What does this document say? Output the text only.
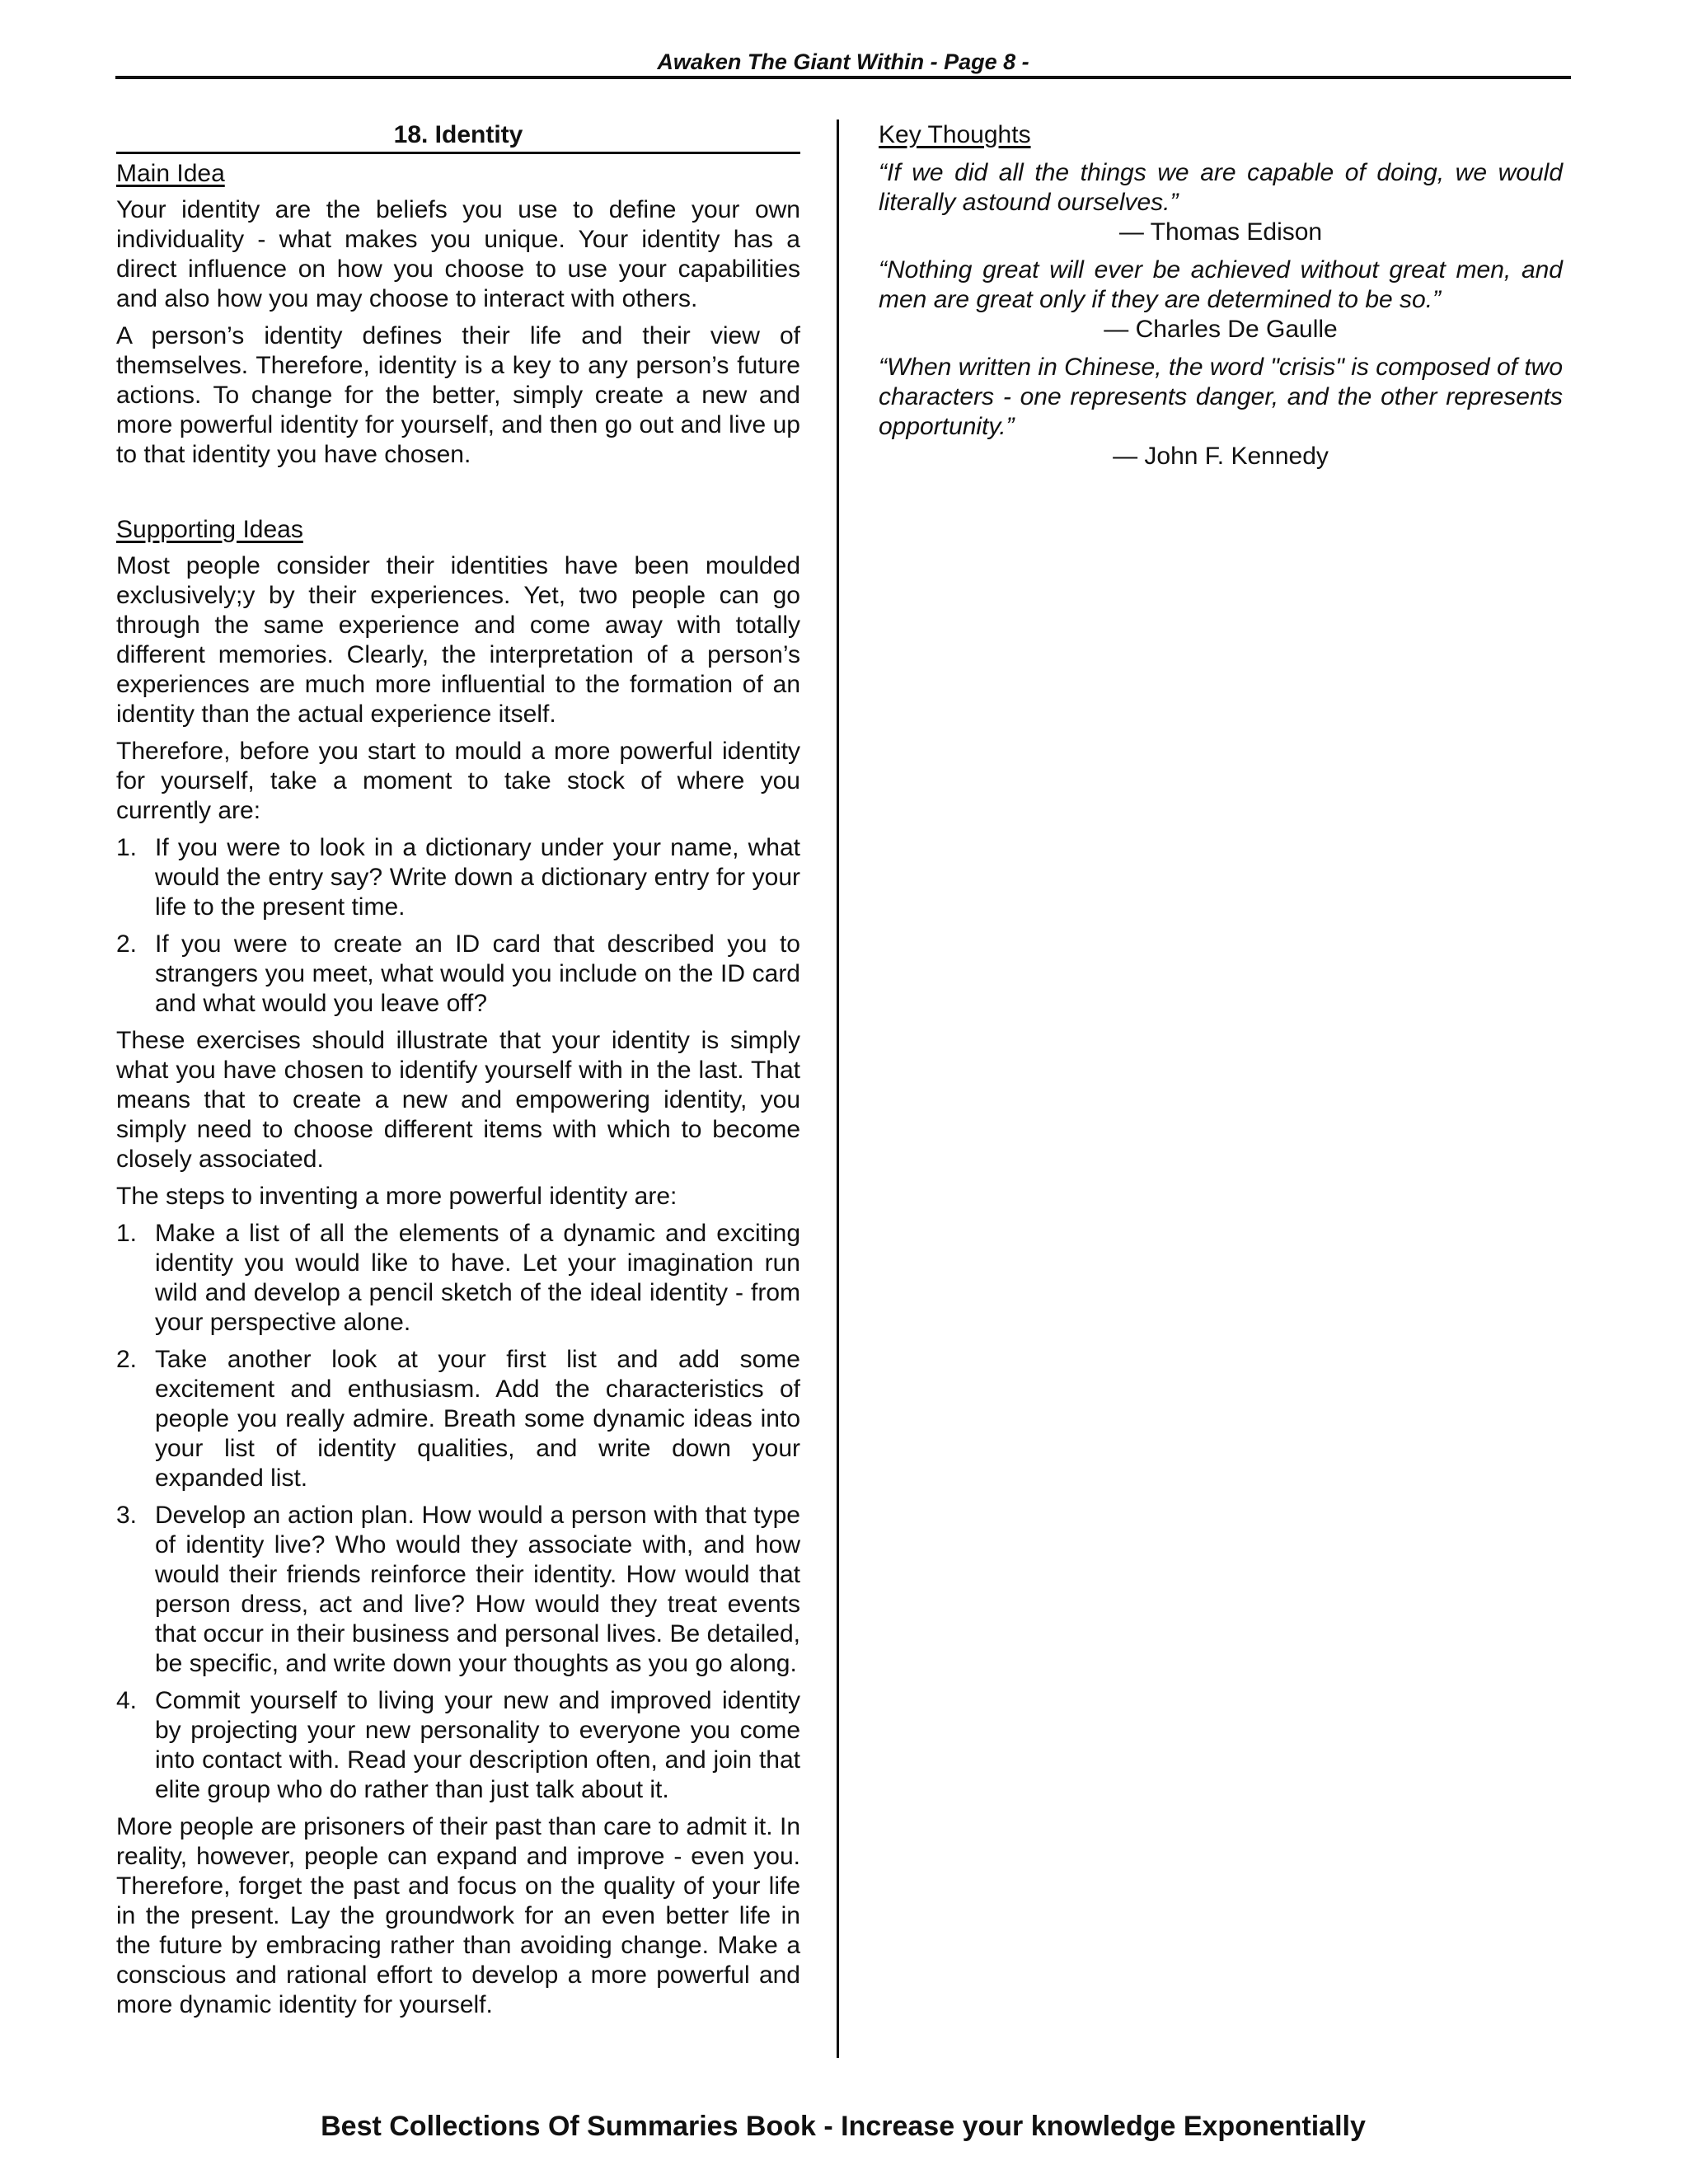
Awaken The Giant Within - Page 8 -
18. Identity
Main Idea

Your identity are the beliefs you use to define your own individuality - what makes you unique. Your identity has a direct influence on how you choose to use your capabilities and also how you may choose to interact with others.

A person’s identity defines their life and their view of themselves. Therefore, identity is a key to any person’s future actions. To change for the better, simply create a new and more powerful identity for yourself, and then go out and live up to that identity you have chosen.

Supporting Ideas

Most people consider their identities have been moulded exclusively;y by their experiences. Yet, two people can go through the same experience and come away with totally different memories. Clearly, the interpretation of a person’s experiences are much more influential to the formation of an identity than the actual experience itself.

Therefore, before you start to mould a more powerful identity for yourself, take a moment to take stock of where you currently are:

1. If you were to look in a dictionary under your name, what would the entry say? Write down a dictionary entry for your life to the present time.
2. If you were to create an ID card that described you to strangers you meet, what would you include on the ID card and what would you leave off?

These exercises should illustrate that your identity is simply what you have chosen to identify yourself with in the last. That means that to create a new and empowering identity, you simply need to choose different items with which to become closely associated.

The steps to inventing a more powerful identity are:

1. Make a list of all the elements of a dynamic and exciting identity you would like to have. Let your imagination run wild and develop a pencil sketch of the ideal identity - from your perspective alone.
2. Take another look at your first list and add some excitement and enthusiasm. Add the characteristics of people you really admire. Breath some dynamic ideas into your list of identity qualities, and write down your expanded list.
3. Develop an action plan. How would a person with that type of identity live? Who would they associate with, and how would their friends reinforce their identity. How would that person dress, act and live? How would they treat events that occur in their business and personal lives. Be detailed, be specific, and write down your thoughts as you go along.
4. Commit yourself to living your new and improved identity by projecting your new personality to everyone you come into contact with. Read your description often, and join that elite group who do rather than just talk about it.

More people are prisoners of their past than care to admit it. In reality, however, people can expand and improve - even you. Therefore, forget the past and focus on the quality of your life in the present. Lay the groundwork for an even better life in the future by embracing rather than avoiding change. Make a conscious and rational effort to develop a more powerful and more dynamic identity for yourself.

Key Thoughts
“If we did all the things we are capable of doing, we would literally astound ourselves.”
— Thomas Edison
“Nothing great will ever be achieved without great men, and men are great only if they are determined to be so.”
— Charles De Gaulle
“When written in Chinese, the word "crisis" is composed of two characters - one represents danger, and the other represents opportunity.”
— John F. Kennedy
Best Collections Of Summaries Book - Increase your knowledge Exponentially
